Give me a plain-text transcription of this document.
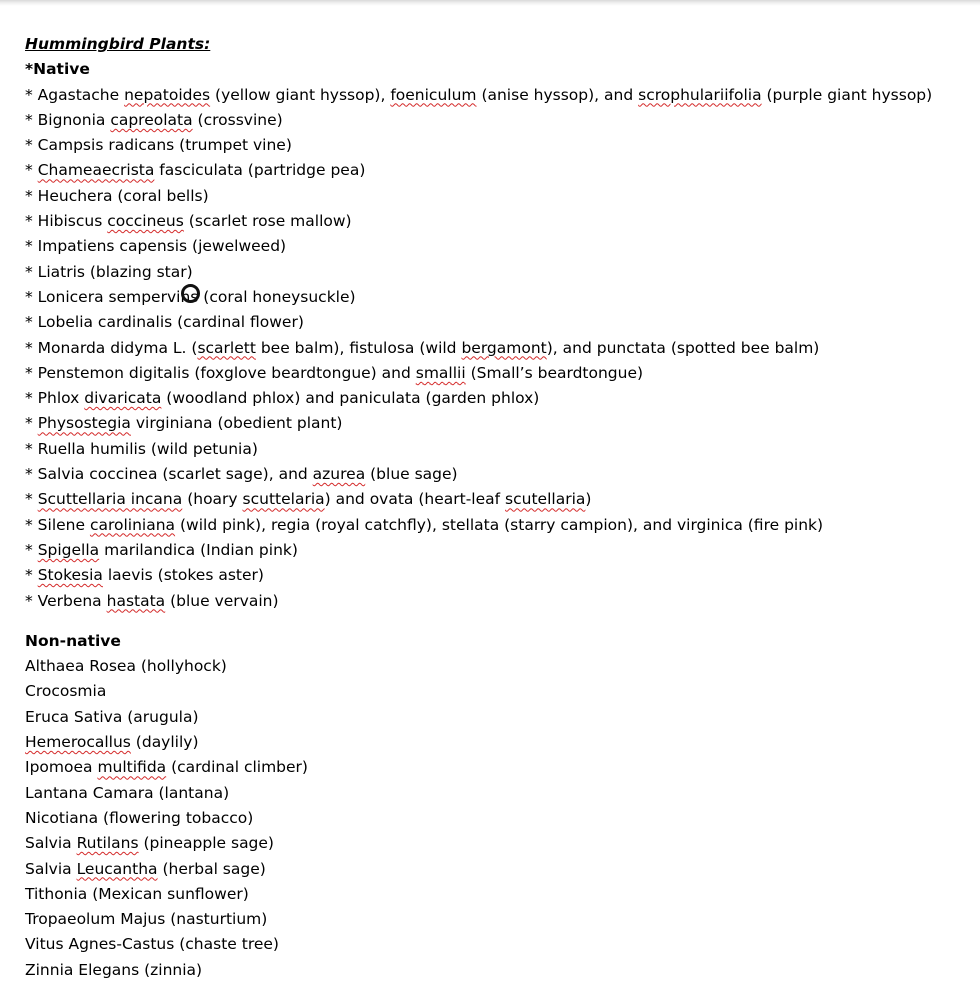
Hummingbird Plants:
*Native
* Agastache nepatoides (yellow giant hyssop), foeniculum (anise hyssop), and scrophulariifolia (purple giant hyssop)
* Bignonia capreolata (crossvine)
* Campsis radicans (trumpet vine)
* Chameaecrista fasciculata (partridge pea)
* Heuchera (coral bells)
* Hibiscus coccineus (scarlet rose mallow)
* Impatiens capensis (jewelweed)
* Liatris (blazing star)
* Lonicera sempervins (coral honeysuckle)
* Lobelia cardinalis (cardinal flower)
* Monarda didyma L. (scarlett bee balm), fistulosa (wild bergamont), and punctata (spotted bee balm)
* Penstemon digitalis (foxglove beardtongue) and smallii (Small’s beardtongue)
* Phlox divaricata (woodland phlox) and paniculata (garden phlox)
* Physostegia virginiana (obedient plant)
* Ruella humilis (wild petunia)
* Salvia coccinea (scarlet sage), and azurea (blue sage)
* Scuttellaria incana (hoary scuttelaria) and ovata (heart-leaf scutellaria)
* Silene caroliniana (wild pink), regia (royal catchfly), stellata (starry campion), and virginica (fire pink)
* Spigella marilandica (Indian pink)
* Stokesia laevis (stokes aster)
* Verbena hastata (blue vervain)
Non-native
Althaea Rosea (hollyhock)
Crocosmia
Eruca Sativa (arugula)
Hemerocallus (daylily)
Ipomoea multifida (cardinal climber)
Lantana Camara (lantana)
Nicotiana (flowering tobacco)
Salvia Rutilans (pineapple sage)
Salvia Leucantha (herbal sage)
Tithonia (Mexican sunflower)
Tropaeolum Majus (nasturtium)
Vitus Agnes-Castus (chaste tree)
Zinnia Elegans (zinnia)
